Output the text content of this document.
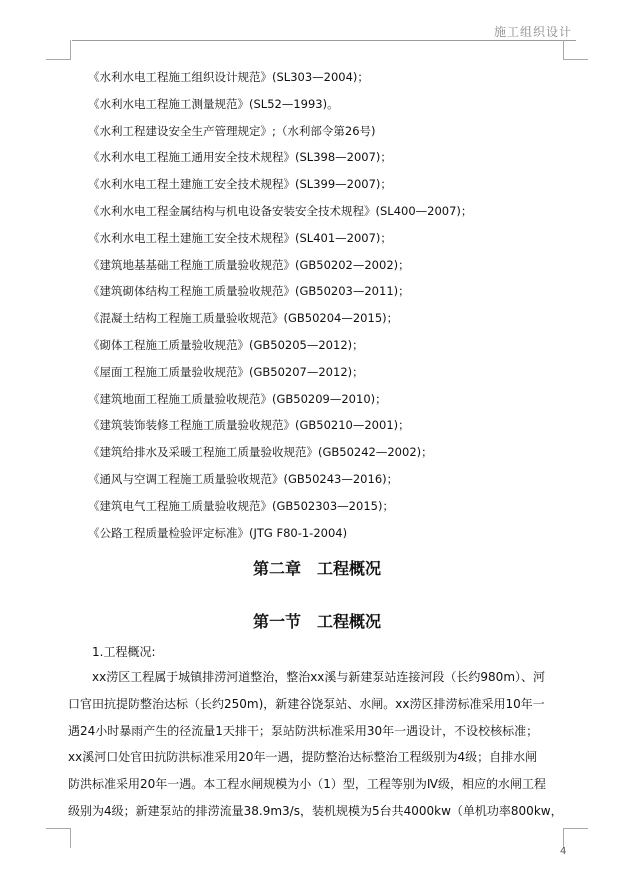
施工组织设计
《水利水电工程施工组织设计规范》(SL303—2004)；
《水利水电工程施工测量规范》(SL52—1993)。
《水利工程建设安全生产管理规定》;（水利部令第26号)
《水利水电工程施工通用安全技术规程》(SL398—2007)；
《水利水电工程土建施工安全技术规程》(SL399—2007)；
《水利水电工程金属结构与机电设备安装安全技术规程》(SL400—2007)；
《水利水电工程土建施工安全技术规程》(SL401—2007)；
《建筑地基基础工程施工质量验收规范》(GB50202—2002)；
《建筑砌体结构工程施工质量验收规范》(GB50203—2011)；
《混凝土结构工程施工质量验收规范》(GB50204—2015)；
《砌体工程施工质量验收规范》(GB50205—2012)；
《屋面工程施工质量验收规范》(GB50207—2012)；
《建筑地面工程施工质量验收规范》(GB50209—2010)；
《建筑装饰装修工程施工质量验收规范》(GB50210—2001)；
《建筑给排水及采暖工程施工质量验收规范》(GB50242—2002)；
《通风与空调工程施工质量验收规范》(GB50243—2016)；
《建筑电气工程施工质量验收规范》(GB502303—2015)；
《公路工程质量检验评定标准》(JTG F80-1-2004)
第二章　工程概况
第一节　工程概况
1.工程概况:

xx涝区工程属于城镇排涝河道整治，整治xx溪与新建泵站连接河段（长约980m）、河
口官田抗提防整治达标（长约250m)，新建谷饶泵站、水闸。xx涝区排涝标准采用10年一
遇24小时暴雨产生的径流量1天排干；泵站防洪标准采用30年一遇设计，不设校核标准；
xx溪河口处官田抗防洪标准采用20年一遇，提防整治达标整治工程级别为4级；自排水闸
防洪标准采用20年一遇。本工程水闸规模为小（1）型，工程等别为Ⅳ级，相应的水闸工程
级别为4级；新建泵站的排涝流量38.9m3/s，装机规模为5台共4000kw（单机功率800kw，

4
